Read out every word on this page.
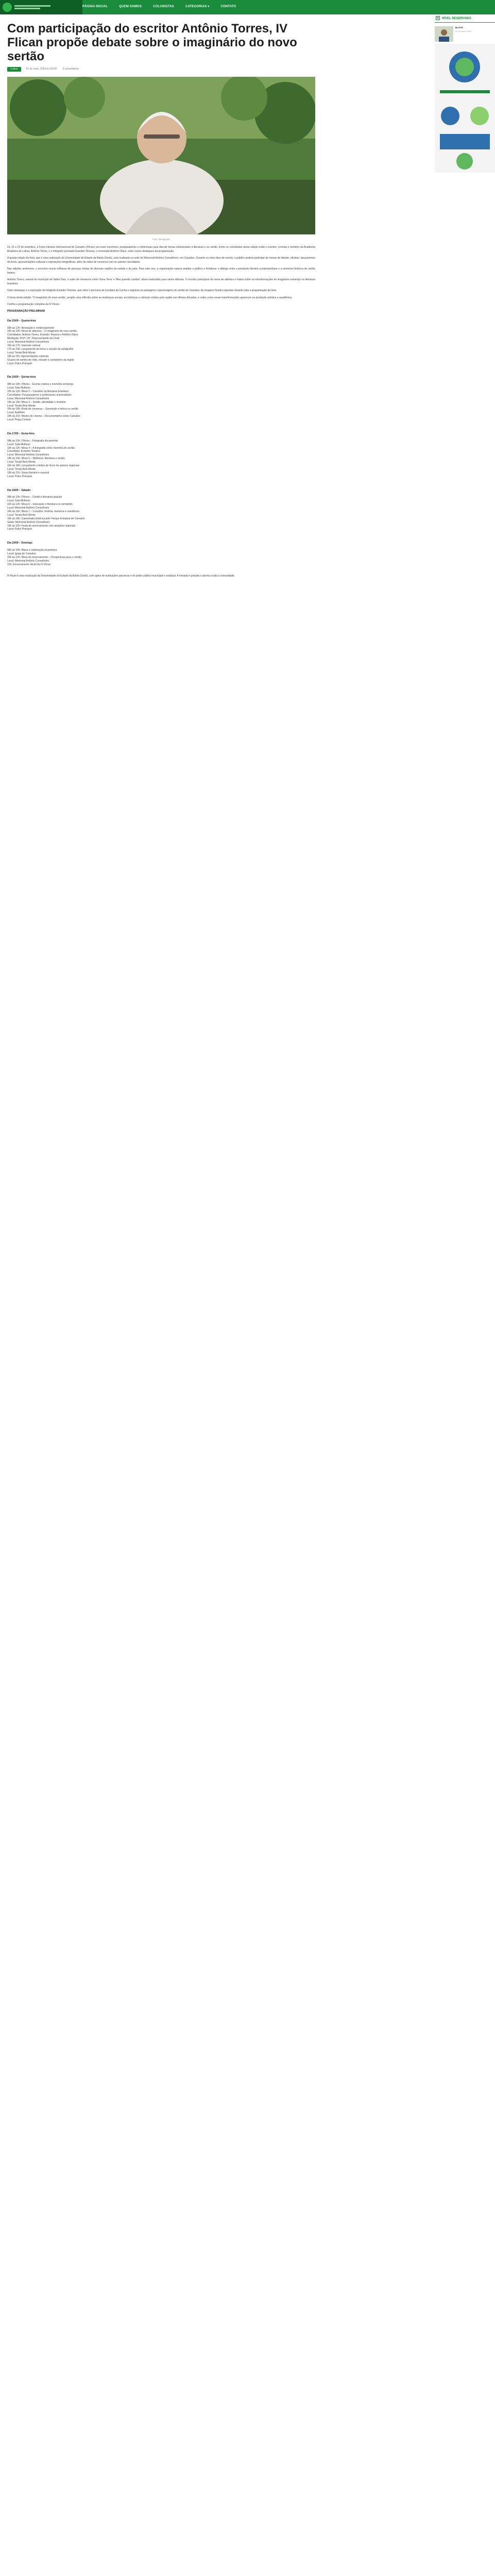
PÁGINA INICIAL	QUEM SOMOS	COLUNISTAS	CATEGORIAS ▾	CONTATO
Com participação do escritor Antônio Torres, IV Flican propõe debate sobre o imaginário do novo sertão
Cultura	01 de maio, 2024 às 09:00 0 comentários
Foto: Divulgação

De 15 a 19 de setembro, a Feira Literária Internacional de Canudos (Flican) vai reunir escritores, pesquisadores e intelectuais para discutir temas relacionados à literatura e ao sertão. Entre os convidados desta edição estão o escritor, cronista e membro da Academia Brasileira de Letras, Antônio Torres, e o fotógrafo premiado Evandro Teixeira, o renomado Antônio Olavo, entre outros destaques da programação.

A quarta edição da feira, que é uma realização da Universidade do Estado da Bahia (Uneb), será realizada na sede do Memorial Antônio Conselheiro, em Canudos. Durante os cinco dias de evento, o público poderá participar de mesas de debate, oficinas, lançamentos de livros, apresentações culturais e exposições fotográficas, além de rodas de conversa com os autores convidados.

Nas edições anteriores, o encontro reuniu milhares de pessoas vindas de diversas regiões do estado e do país. Para este ano, a organização espera ampliar o público e fortalecer o diálogo entre a produção literária contemporânea e a memória histórica do sertão baiano.

Antônio Torres, natural do município de Sátiro Dias, é autor de romances como 'Essa Terra' e 'Meu querido canibal', obras traduzidas para vários idiomas. O escritor participará da mesa de abertura e falará sobre as transformações do imaginário sertanejo na literatura brasileira.

Outro destaque é a exposição do fotógrafo Evandro Teixeira, que refez o percurso de Euclides da Cunha e registrou as paisagens e personagens do sertão de Canudos. As imagens ficarão expostas durante toda a programação da feira.

O tema desta edição, 'O imaginário do novo sertão', propõe uma reflexão sobre as mudanças sociais, econômicas e culturais vividas pela região nas últimas décadas, e sobre como essas transformações aparecem na produção artística e acadêmica.

Confira a programação completa da IV Flican:

PROGRAMAÇÃO PRELIMINAR

Dia 15/09 – Quarta-feira

09h às 12h: Recepção e credenciamento
14h às 16h: Mesa de abertura – O imaginário do novo sertão
Convidados: Antônio Torres, Evandro Teixeira e Antônio Olavo
Mediação: Profª. Drª. Representante da Uneb
Local: Memorial Antônio Conselheiro
16h às 17h: Intervalo cultural
17h às 19h: Lançamento de livros e sessão de autógrafos
Local: Tenda Belo Monte
19h às 21h: Apresentações culturais
Grupos de samba de roda, reisado e cantadores da região
Local: Palco Principal

Dia 16/09 – Quinta-feira

08h às 10h: Oficina – Escrita criativa e memória sertaneja
Local: Sala Multiuso
10h às 12h: Mesa 2 – Canudos na literatura brasileira
Convidados: Pesquisadores e professores universitários
Local: Memorial Antônio Conselheiro
14h às 16h: Mesa 3 – Sertão, identidade e território
Local: Tenda Belo Monte
16h às 18h: Roda de conversa – Juventude e leitura no sertão
Local: Auditório
19h às 21h: Mostra de cinema – Documentários sobre Canudos
Local: Praça Central

Dia 17/09 – Sexta-feira

08h às 10h: Oficina – Fotografia documental
Local: Sala Multiuso
10h às 12h: Mesa 4 – A fotografia como memória do sertão
Convidado: Evandro Teixeira
Local: Memorial Antônio Conselheiro
14h às 16h: Mesa 5 – Mulheres, literatura e sertão
Local: Tenda Belo Monte
16h às 18h: Lançamento coletivo de livros de autores regionais
Local: Tenda Belo Monte
19h às 21h: Sarau literário e musical
Local: Palco Principal

Dia 18/09 – Sábado

08h às 10h: Oficina – Cordel e literatura popular
Local: Sala Multiuso
10h às 12h: Mesa 6 – Educação e literatura no semiárido
Local: Memorial Antônio Conselheiro
14h às 16h: Mesa 7 – Canudos: história, memória e resistência
Local: Tenda Belo Monte
16h às 18h: Caminhada histórica pelo Parque Estadual de Canudos
Saída: Memorial Antônio Conselheiro
19h às 22h: Festa de encerramento com atrações regionais
Local: Palco Principal

Dia 19/09 – Domingo

08h às 10h: Missa e celebração ecumênica
Local: Igreja de Canudos
10h às 12h: Mesa de encerramento – Perspectivas para o sertão
Local: Memorial Antônio Conselheiro
12h: Encerramento oficial da IV Flican

A Flican é uma realização da Universidade do Estado da Bahia (Uneb), com apoio de instituições parceiras e do poder público municipal e estadual. A entrada é gratuita e aberta a toda a comunidade.

NÍVEL RESERVADO
ELAYS
01 de maio, 2024
